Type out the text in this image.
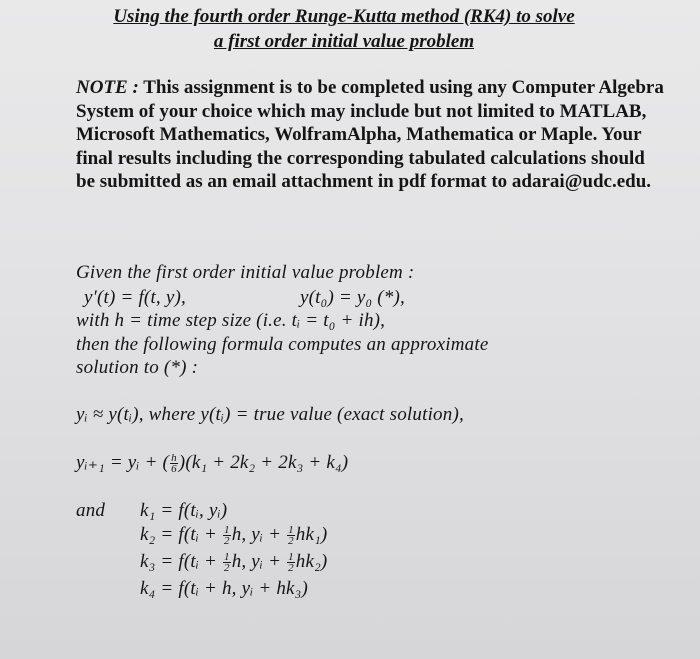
Using the fourth order Runge-Kutta method (RK4) to solve
a first order initial value problem
NOTE : This assignment is to be completed using any Computer Algebra System of your choice which may include but not limited to MATLAB, Microsoft Mathematics, WolframAlpha, Mathematica or Maple. Your final results including the corresponding tabulated calculations should be submitted as an email attachment in pdf format to adarai@udc.edu.
Given the first order initial value problem :
y′(t) = f(t, y),	y(t₀) = y₀ (*),
with h = time step size (i.e. tᵢ = t₀ + ih),
then the following formula computes an approximate
solution to (*) :
yᵢ ≈ y(tᵢ), where y(tᵢ) = true value (exact solution),
yᵢ₊₁ = yᵢ + ( $\frac{h}{6} )(k_1 + 2k_2 + 2k_3 + k_4)$
and k₁ = f(tᵢ, yᵢ)
k₂ = f(tᵢ + $\frac{1}{2} h$, yᵢ + $\frac{1}{2} hk_1$)
k₃ = f(tᵢ + $\frac{1}{2} h$, yᵢ + $\frac{1}{2} hk_2$)
k₄ = f(tᵢ + h, yᵢ + hk₃)
